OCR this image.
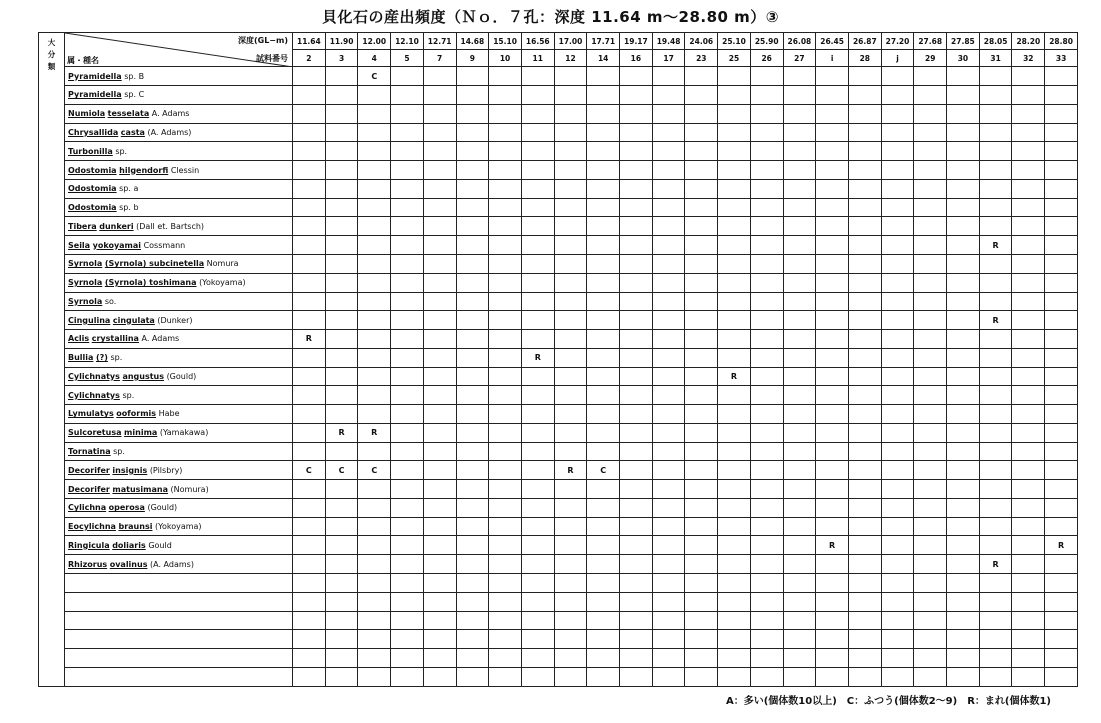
貝化石の産出頻度（Ｎｏ．７孔：深度 11.64 m〜28.80 m）③
大
分
類	深度(GL−m)
試料番号
属・種名	11.64	11.90	12.00	12.10	12.71	14.68	15.10	16.56	17.00	17.71	19.17	19.48	24.06	25.10	25.90	26.08	26.45	26.87	27.20	27.68	27.85	28.05	28.20	28.80
		2	3	4	5	7	9	10	11	12	14	16	17	23	25	26	27	i	28	j	29	30	31	32	33
	Pyramidella sp. B			C																					
	Pyramidella sp. C																								
	Numiola tesselata A. Adams																								
	Chrysallida casta (A. Adams)																								
	Turbonilla sp.																								
	Odostomia hilgendorfi Clessin																								
	Odostomia sp. a																								
	Odostomia sp. b																								
	Tibera dunkeri (Dall et. Bartsch)																								
	Seila yokoyamai Cossmann																						R		
	Syrnola (Syrnola) subcinetella Nomura																								
	Syrnola (Syrnola) toshimana (Yokoyama)																								
	Syrnola so.																								
	Cingulina cingulata (Dunker)																						R		
	Aclis crystallina A. Adams	R																							
	Bullia (?) sp.								R																
	Cylichnatys angustus (Gould)														R										
	Cylichnatys sp.																								
	Lymulatys ooformis Habe																								
	Sulcoretusa minima (Yamakawa)		R	R																					
	Tornatina sp.																								
	Decorifer insignis (Pilsbry)	C	C	C						R	C														
	Decorifer matusimana (Nomura)																								
	Cylichna operosa (Gould)																								
	Eocylichna braunsi (Yokoyama)																								
	Ringicula doliaris Gould																	R							R
	Rhizorus ovalinus (A. Adams)																						R		

A：多い(個体数10以上)　C：ふつう(個体数2〜9)　R：まれ(個体数1)
